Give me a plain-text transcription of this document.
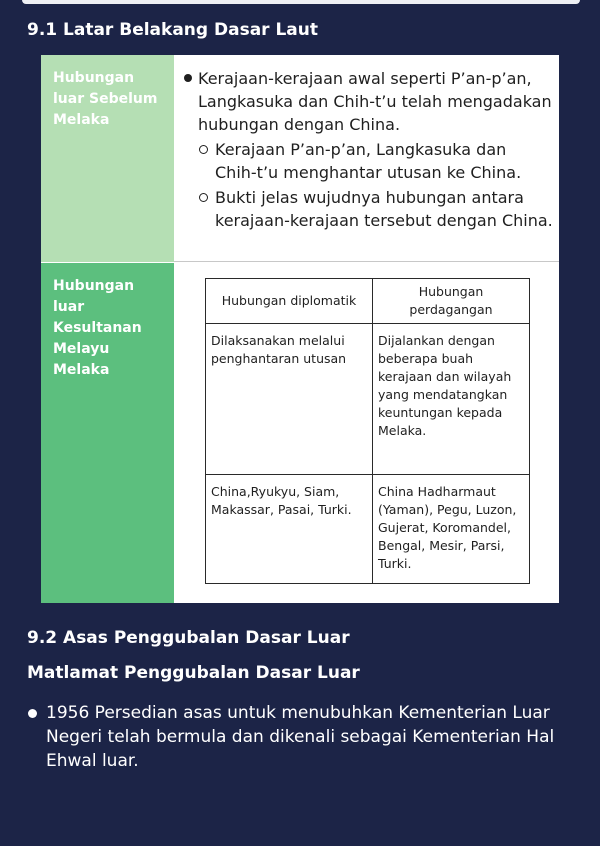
9.1 Latar Belakang Dasar Laut
Hubungan luar Sebelum Melaka
Kerajaan-kerajaan awal seperti P’an-p’an, Langkasuka dan Chih-t’u telah mengadakan hubungan dengan China.
Kerajaan P’an-p’an, Langkasuka dan Chih-t’u menghantar utusan ke China.
Bukti jelas wujudnya hubungan antara kerajaan-kerajaan tersebut dengan China.
Hubungan luar Kesultanan Melayu Melaka
Hubungan diplomatik	Hubungan perdagangan
Dilaksanakan melalui penghantaran utusan	Dijalankan dengan beberapa buah kerajaan dan wilayah yang mendatangkan keuntungan kepada Melaka.
China,Ryukyu, Siam, Makassar, Pasai, Turki.	China Hadharmaut (Yaman), Pegu, Luzon, Gujerat, Koromandel, Bengal, Mesir, Parsi, Turki.
9.2 Asas Penggubalan Dasar Luar
Matlamat Penggubalan Dasar Luar
1956 Persedian asas untuk menubuhkan Kementerian Luar Negeri telah bermula dan dikenali sebagai Kementerian Hal Ehwal luar.
